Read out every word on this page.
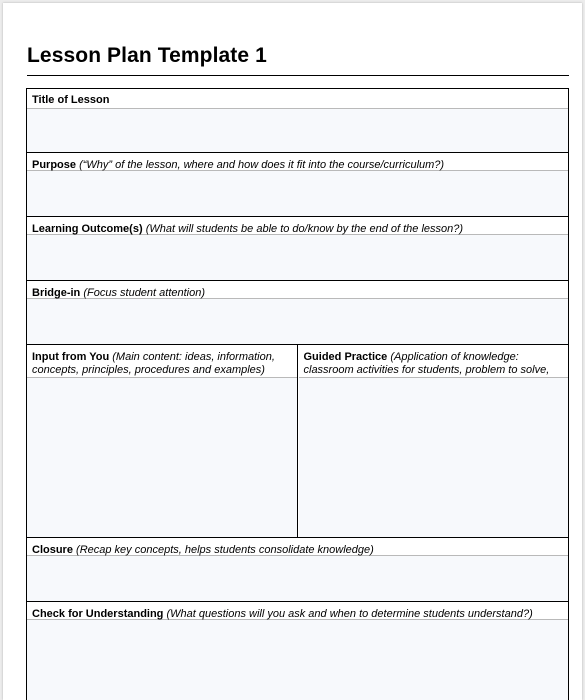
Lesson Plan Template 1
Title of Lesson
Purpose (“Why” of the lesson, where and how does it fit into the course/curriculum?)
Learning Outcome(s) (What will students be able to do/know by the end of the lesson?)
Bridge-in (Focus student attention)
Input from You (Main content: ideas, information, concepts, principles, procedures and examples)
Guided Practice (Application of knowledge: classroom activities for students, problem to solve,
Closure (Recap key concepts, helps students consolidate knowledge)
Check for Understanding (What questions will you ask and when to determine students understand?)
